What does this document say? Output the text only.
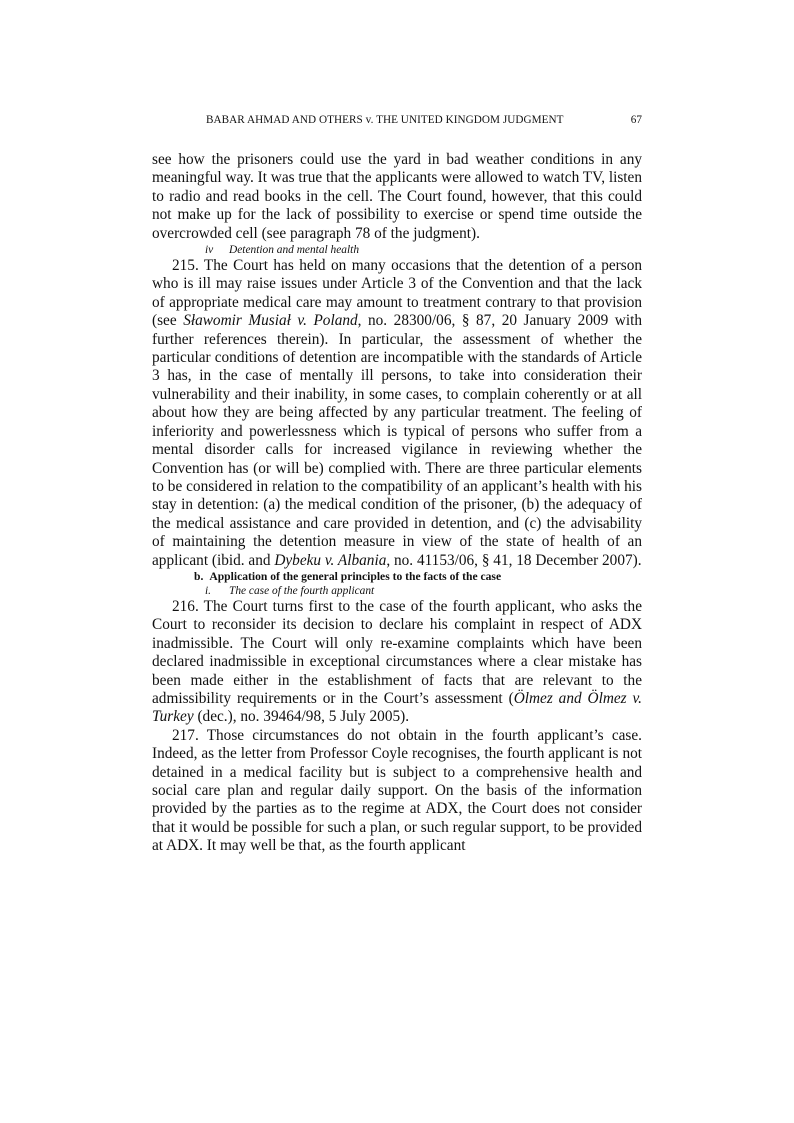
BABAR AHMAD AND OTHERS v. THE UNITED KINGDOM JUDGMENT	67

see how the prisoners could use the yard in bad weather conditions in any meaningful way. It was true that the applicants were allowed to watch TV, listen to radio and read books in the cell. The Court found, however, that this could not make up for the lack of possibility to exercise or spend time outside the overcrowded cell (see paragraph 78 of the judgment).

iv Detention and mental health

215. The Court has held on many occasions that the detention of a person who is ill may raise issues under Article 3 of the Convention and that the lack of appropriate medical care may amount to treatment contrary to that provision (see Sławomir Musiał v. Poland, no. 28300/06, § 87, 20 January 2009 with further references therein). In particular, the assessment of whether the particular conditions of detention are incompatible with the standards of Article 3 has, in the case of mentally ill persons, to take into consideration their vulnerability and their inability, in some cases, to complain coherently or at all about how they are being affected by any particular treatment. The feeling of inferiority and powerlessness which is typical of persons who suffer from a mental disorder calls for increased vigilance in reviewing whether the Convention has (or will be) complied with. There are three particular elements to be considered in relation to the compatibility of an applicant’s health with his stay in detention: (a) the medical condition of the prisoner, (b) the adequacy of the medical assistance and care provided in detention, and (c) the advisability of maintaining the detention measure in view of the state of health of an applicant (ibid. and Dybeku v. Albania, no. 41153/06, § 41, 18 December 2007).

b. Application of the general principles to the facts of the case

i. The case of the fourth applicant

216. The Court turns first to the case of the fourth applicant, who asks the Court to reconsider its decision to declare his complaint in respect of ADX inadmissible. The Court will only re-examine complaints which have been declared inadmissible in exceptional circumstances where a clear mistake has been made either in the establishment of facts that are relevant to the admissibility requirements or in the Court’s assessment (Ölmez and Ölmez v. Turkey (dec.), no. 39464/98, 5 July 2005).

217. Those circumstances do not obtain in the fourth applicant’s case. Indeed, as the letter from Professor Coyle recognises, the fourth applicant is not detained in a medical facility but is subject to a comprehensive health and social care plan and regular daily support. On the basis of the information provided by the parties as to the regime at ADX, the Court does not consider that it would be possible for such a plan, or such regular support, to be provided at ADX. It may well be that, as the fourth applicant
